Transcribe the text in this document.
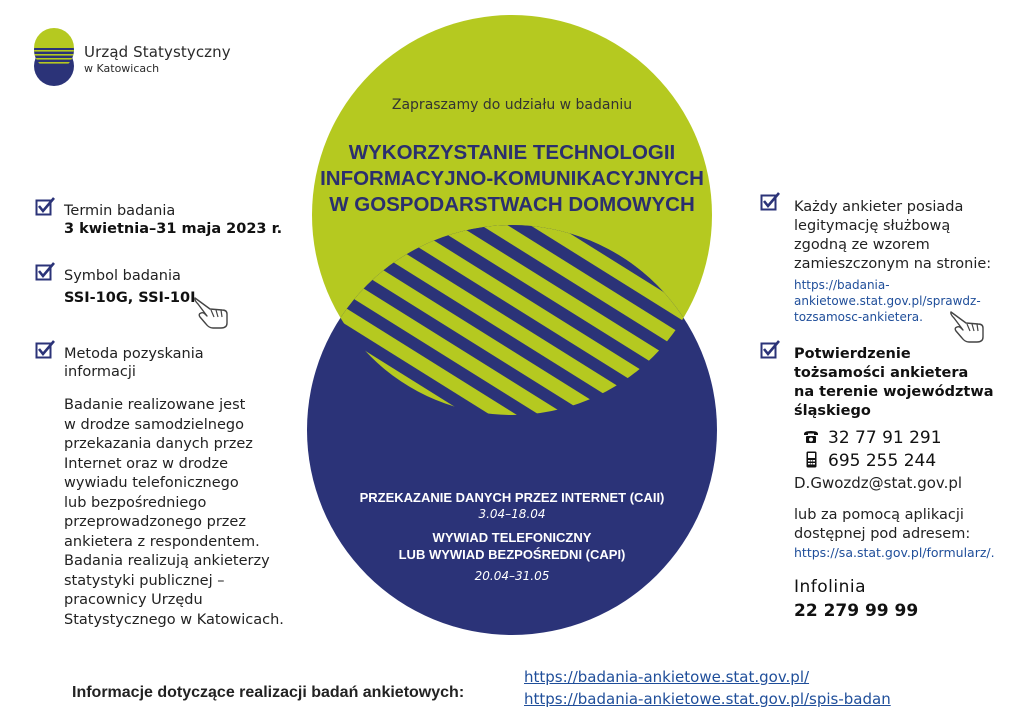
Urząd Statystyczny
w Katowicach
Zapraszamy do udziału w badaniu
WYKORZYSTANIE TECHNOLOGII
INFORMACYJNO-KOMUNIKACYJNYCH
W GOSPODARSTWACH DOMOWYCH
PRZEKAZANIE DANYCH PRZEZ INTERNET (CAII)
3.04–18.04
WYWIAD TELEFONICZNY
LUB WYWIAD BEZPOŚREDNI (CAPI)
20.04–31.05
Termin badania
3 kwietnia–31 maja 2023 r.
Symbol badania
SSI-10G, SSI-10I
Metoda pozyskania
informacji
Badanie realizowane jest
w drodze samodzielnego
przekazania danych przez
Internet oraz w drodze
wywiadu telefonicznego
lub bezpośredniego
przeprowadzonego przez
ankietera z respondentem.
Badania realizują ankieterzy
statystyki publicznej –
pracownicy Urzędu
Statystycznego w Katowicach.
Każdy ankieter posiada
legitymację służbową
zgodną ze wzorem
zamieszczonym na stronie:
https://badania-
ankietowe.stat.gov.pl/sprawdz-
tozsamosc-ankietera.
Potwierdzenie
tożsamości ankietera
na terenie województwa
śląskiego
32 77 91 291
695 255 244
D.Gwozdz@stat.gov.pl
lub za pomocą aplikacji
dostępnej pod adresem:
https://sa.stat.gov.pl/formularz/.
Infolinia
22 279 99 99
Informacje dotyczące realizacji badań ankietowych:
https://badania-ankietowe.stat.gov.pl/
https://badania-ankietowe.stat.gov.pl/spis-badan
